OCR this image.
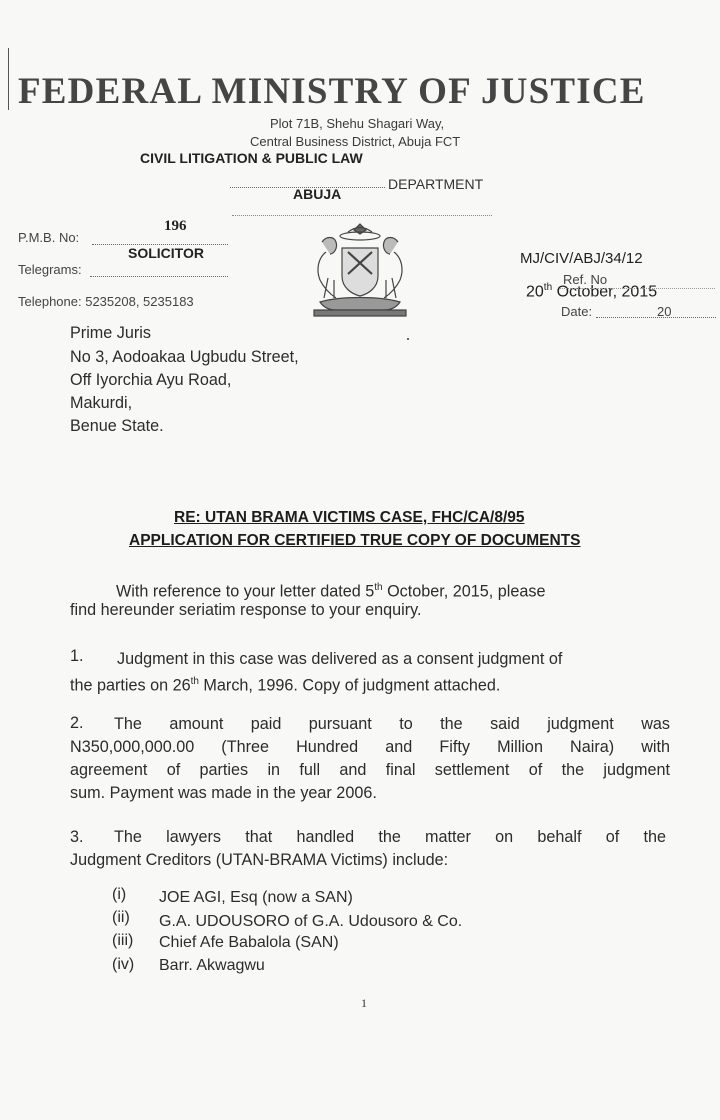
FEDERAL MINISTRY OF JUSTICE
Plot 71B, Shehu Shagari Way,
Central Business District, Abuja FCT
CIVIL LITIGATION & PUBLIC LAW
ABUJA
DEPARTMENT
196
P.M.B. No:
SOLICITOR
Telegrams:
Telephone: 5235208, 5235183
MJ/CIV/ABJ/34/12
Ref. No
20th October, 2015
Date:	20
Prime Juris
No 3, Aodoakaa Ugbudu Street,
Off Iyorchia Ayu Road,
Makurdi,
Benue State.
RE: UTAN BRAMA VICTIMS CASE, FHC/CA/8/95
APPLICATION FOR CERTIFIED TRUE COPY OF DOCUMENTS
With reference to your letter dated 5th October, 2015, please
find hereunder seriatim response to your enquiry.
1. Judgment in this case was delivered as a consent judgment of
the parties on 26th March, 1996. Copy of judgment attached.
2. The amount paid pursuant to the said judgment was
N350,000,000.00 (Three Hundred and Fifty Million Naira) with
agreement of parties in full and final settlement of the judgment
sum. Payment was made in the year 2006.
3. The lawyers that handled the matter on behalf of the
Judgment Creditors (UTAN-BRAMA Victims) include:
(i) JOE AGI, Esq (now a SAN)
(ii) G.A. UDOUSORO of G.A. Udousoro & Co.
(iii) Chief Afe Babalola (SAN)
(iv) Barr. Akwagwu
1
